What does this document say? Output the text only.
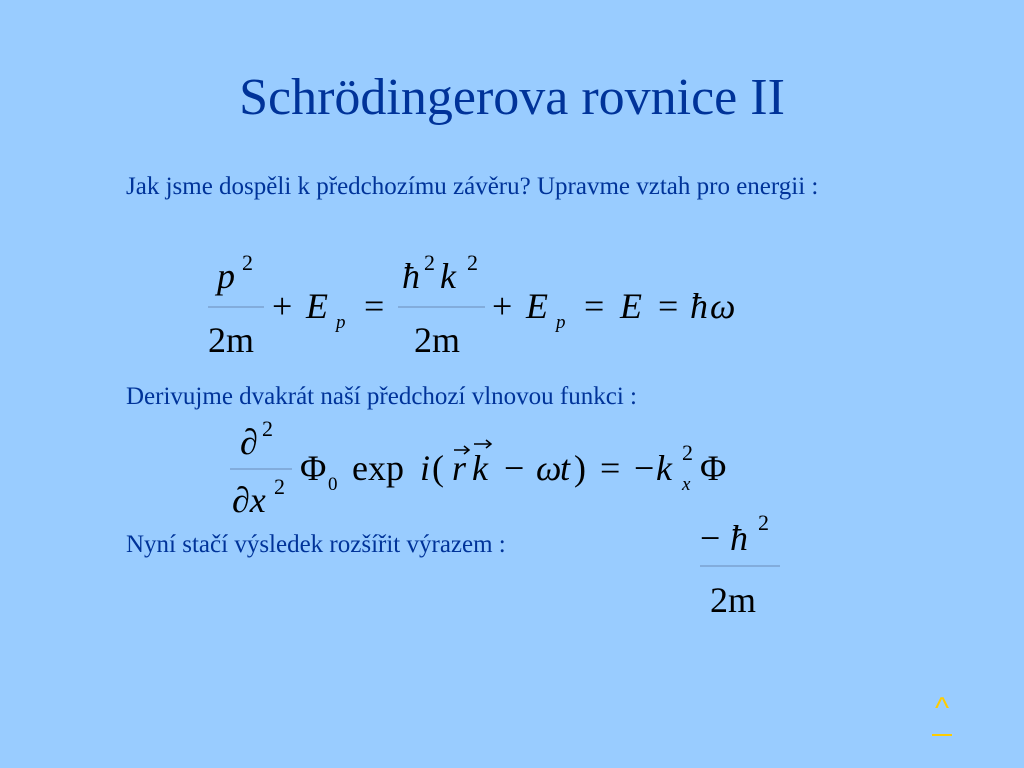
Schrödingerova rovnice II
Jak jsme dospěli k předchozímu závěru? Upravme vztah pro energii :
p 2
2m
+ E p =
ħ 2 k 2
2m
+ E p = E = ħ ω
Derivujme dvakrát naší předchozí vlnovou funkci :
∂ 2
∂x 2 Φ 0 exp i ( r k − ω
t ) = − k 2
x Φ
Nyní stačí výsledek rozšířit výrazem :	− ħ 2
2m
^
